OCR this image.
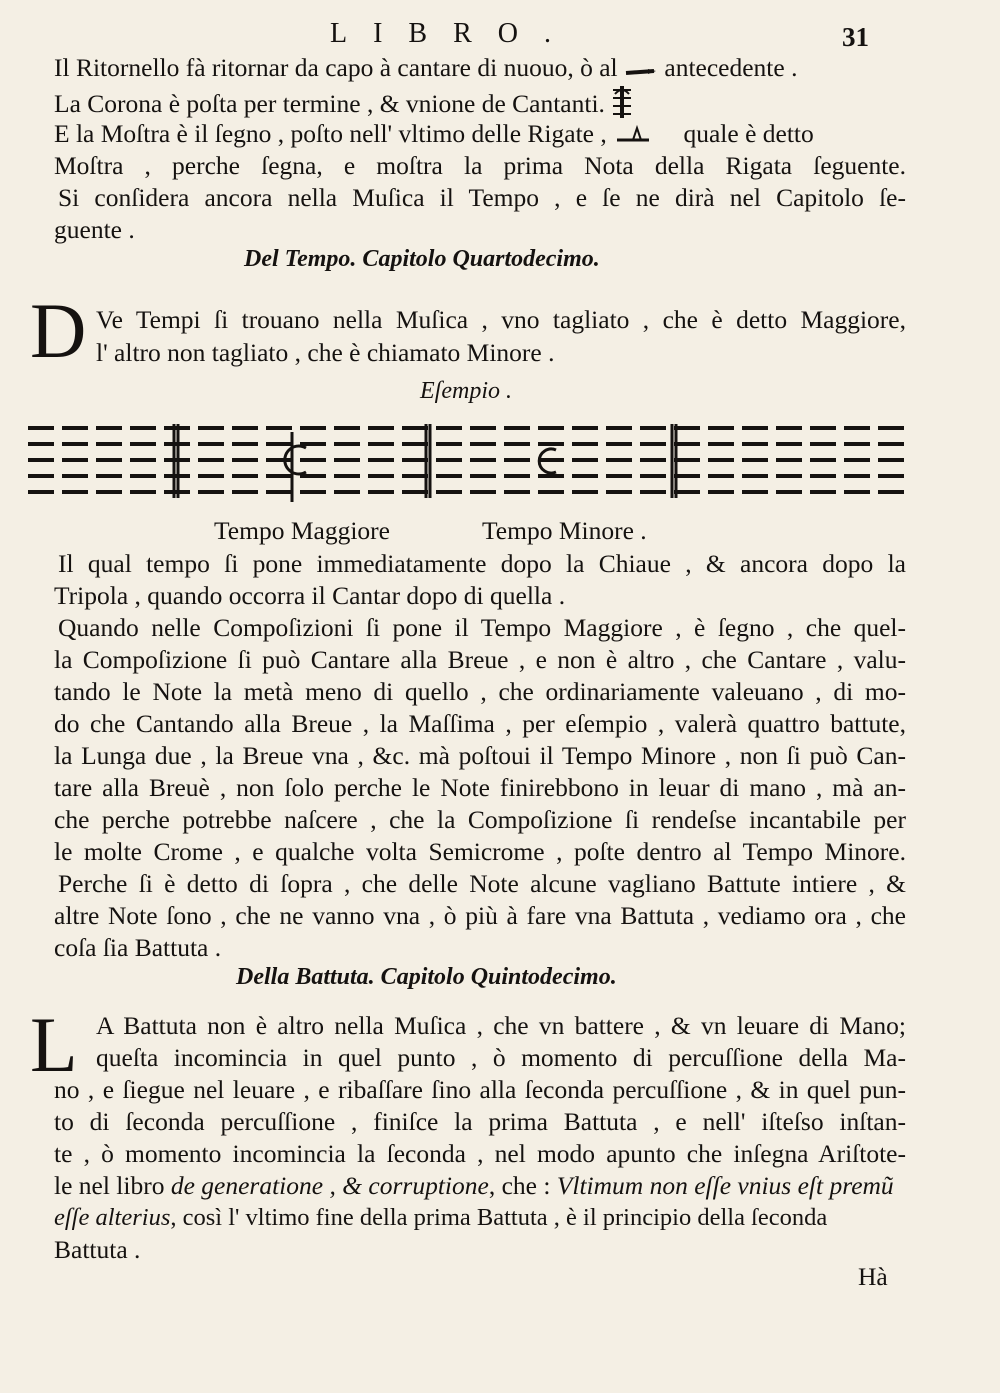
LIBRO.	31
Il Ritornello fà ritornar da capo à cantare di nuouo, ò al antecedente .
La Corona è poſta per termine , & vnione de Cantanti.
E la Moſtra è il ſegno , poſto nell' vltimo delle Rigate ,	quale è detto
Moſtra , perche ſegna, e moſtra la prima Nota della Rigata ſeguente.
Si conſidera ancora nella Muſica il Tempo , e ſe ne dirà nel Capitolo ſe-
guente .
Del Tempo. Capitolo Quartodecimo.
D Ve Tempi ſi trouano nella Muſica , vno tagliato , che è detto Maggiore,
l' altro non tagliato , che è chiamato Minore .
Eſempio .
Tempo Maggiore	Tempo Minore .
Il qual tempo ſi pone immediatamente dopo la Chiaue , & ancora dopo la
Tripola , quando occorra il Cantar dopo di quella .
Quando nelle Compoſizioni ſi pone il Tempo Maggiore , è ſegno , che quel-
la Compoſizione ſi può Cantare alla Breue , e non è altro , che Cantare , valu-
tando le Note la metà meno di quello , che ordinariamente valeuano , di mo-
do che Cantando alla Breue , la Maſſima , per eſempio , valerà quattro battute,
la Lunga due , la Breue vna , &c. mà poſtoui il Tempo Minore , non ſi può Can-
tare alla Breuè , non ſolo perche le Note finirebbono in leuar di mano , mà an-
che perche potrebbe naſcere , che la Compoſizione ſi rendeſse incantabile per
le molte Crome , e qualche volta Semicrome , poſte dentro al Tempo Minore.
Perche ſi è detto di ſopra , che delle Note alcune vagliano Battute intiere , &
altre Note ſono , che ne vanno vna , ò più à fare vna Battuta , vediamo ora , che
coſa ſia Battuta .
Della Battuta. Capitolo Quintodecimo.
L A Battuta non è altro nella Muſica , che vn battere , & vn leuare di Mano;
queſta incomincia in quel punto , ò momento di percuſſione della Ma-
no , e ſiegue nel leuare , e ribaſſare ſino alla ſeconda percuſſione , & in quel pun-
to di ſeconda percuſſione , finiſce la prima Battuta , e nell' iſteſso inſtan-
te , ò momento incomincia la ſeconda , nel modo apunto che inſegna Ariſtote-
le nel libro de generatione , & corruptione, che : Vltimum non eſſe vnius eſt premũ
eſſe alterius, così l' vltimo fine della prima Battuta , è il principio della ſeconda
Battuta .
Hà
